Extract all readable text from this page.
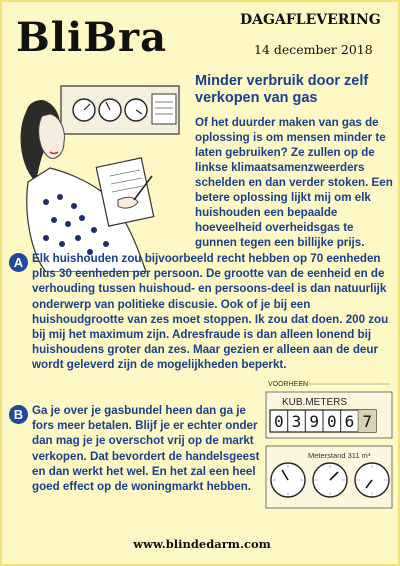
BliBra	DAGAFLEVERING
14 december 2018
Minder verbruik door zelf verkopen van gas
Of het duurder maken van gas de oplossing is om mensen minder te laten gebruiken? Ze zullen op de linkse klimaatsamenzweerders schelden en dan verder stoken. Een betere oplossing lijkt mij om elk huishouden een bepaalde hoeveelheid overheidsgas te gunnen tegen een billijke prijs.
A Elk huishouden zou bijvoorbeeld recht hebben op 70 eenheden plus 30 eenheden per persoon. De grootte van de eenheid en de verhouding tussen huishoud- en persoons-deel is dan natuurlijk onderwerp van politieke discusie. Ook of je bij een huishoudgrootte van zes moet stoppen. Ik zou dat doen. 200 zou bij mij het maximum zijn. Adresfraude is dan alleen lonend bij huishoudens groter dan zes. Maar gezien er alleen aan de deur wordt geleverd zijn de mogelijkheden beperkt.
B Ga je over je gasbundel heen dan ga je fors meer betalen. Blijf je er echter onder dan mag je je overschot vrij op de markt verkopen. Dat bevordert de handelsgeest en dan werkt het wel. En het zal een heel goed effect op de woningmarkt hebben.
VOORHEEN
KUB.METERS
0 3 9 0 6 7
Meterstand 311 m³
www.blindedarm.com
